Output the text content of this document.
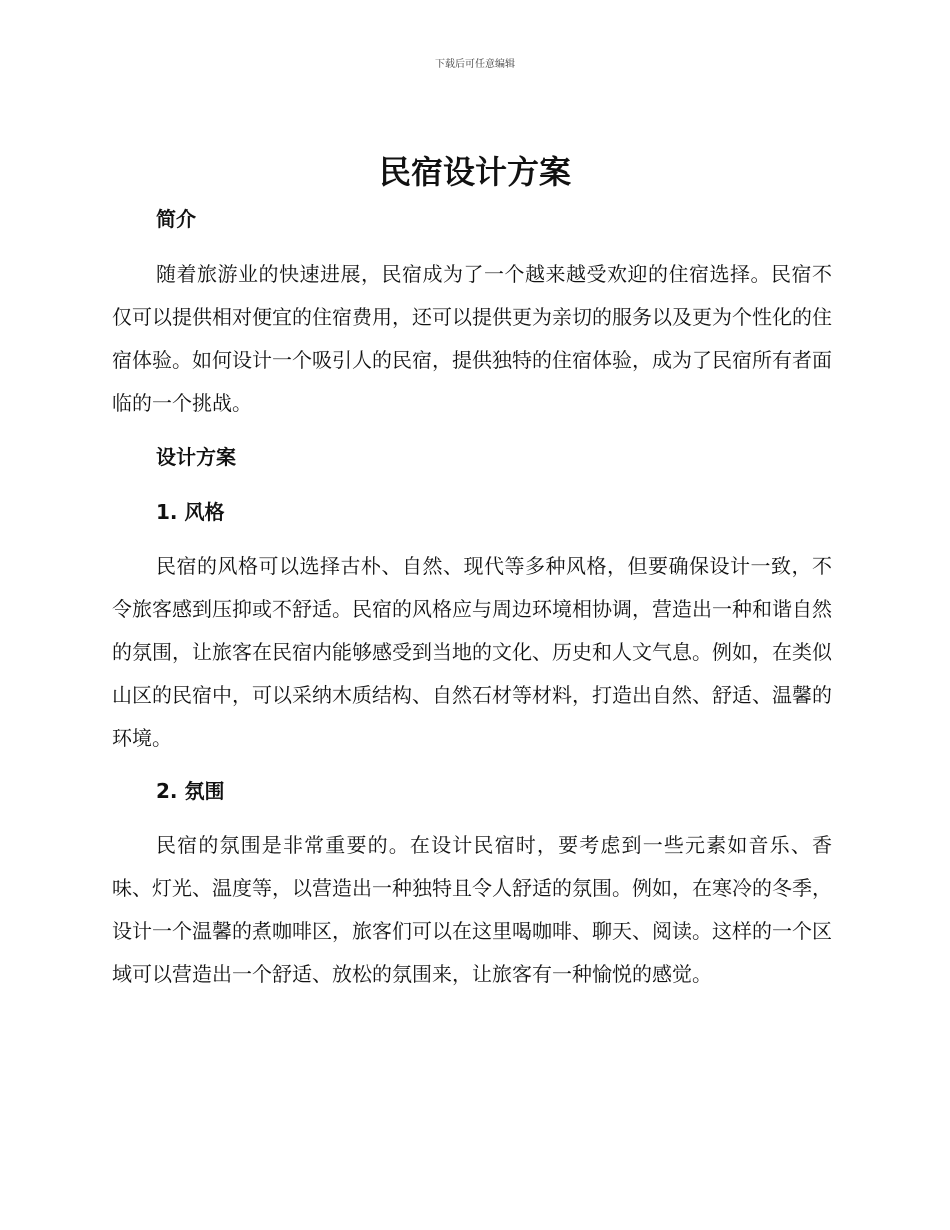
下载后可任意编辑
民宿设计方案
简介

随着旅游业的快速进展，民宿成为了一个越来越受欢迎的住宿选择。民宿不仅可以提供相对便宜的住宿费用，还可以提供更为亲切的服务以及更为个性化的住宿体验。如何设计一个吸引人的民宿，提供独特的住宿体验，成为了民宿所有者面临的一个挑战。

设计方案
1. 风格

民宿的风格可以选择古朴、自然、现代等多种风格，但要确保设计一致，不令旅客感到压抑或不舒适。民宿的风格应与周边环境相协调，营造出一种和谐自然的氛围，让旅客在民宿内能够感受到当地的文化、历史和人文气息。例如，在类似山区的民宿中，可以采纳木质结构、自然石材等材料，打造出自然、舒适、温馨的环境。

2. 氛围

民宿的氛围是非常重要的。在设计民宿时，要考虑到一些元素如音乐、香味、灯光、温度等，以营造出一种独特且令人舒适的氛围。例如，在寒冷的冬季，设计一个温馨的煮咖啡区，旅客们可以在这里喝咖啡、聊天、阅读。这样的一个区域可以营造出一个舒适、放松的氛围来，让旅客有一种愉悦的感觉。
